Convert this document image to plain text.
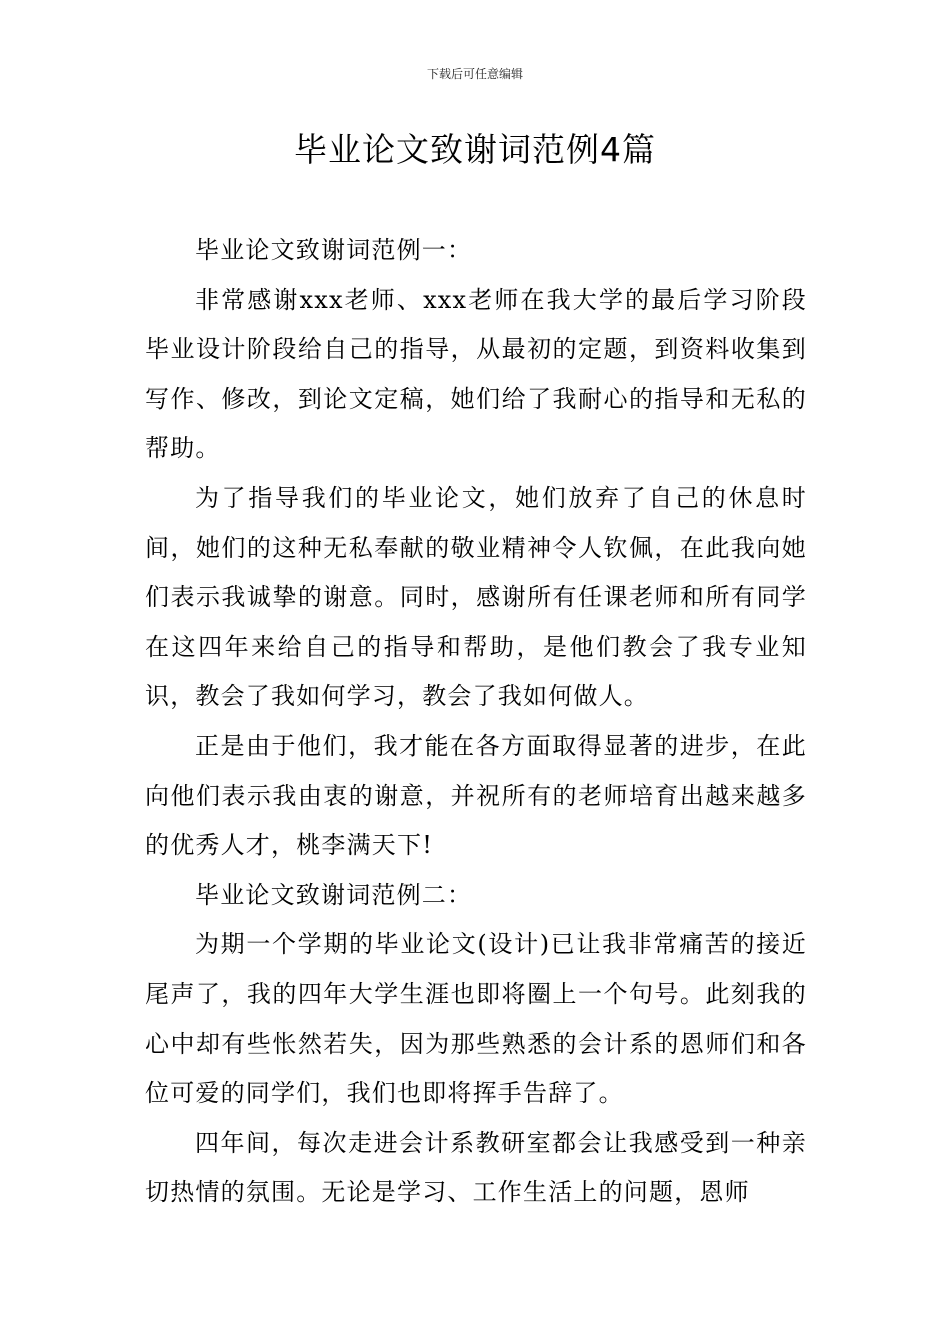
下载后可任意编辑
毕业论文致谢词范例4篇

毕业论文致谢词范例一：

非常感谢xxx老师、xxx老师在我大学的最后学习阶段毕业设计阶段给自己的指导，从最初的定题，到资料收集到写作、修改，到论文定稿，她们给了我耐心的指导和无私的帮助。

为了指导我们的毕业论文，她们放弃了自己的休息时间，她们的这种无私奉献的敬业精神令人钦佩，在此我向她们表示我诚挚的谢意。同时，感谢所有任课老师和所有同学在这四年来给自己的指导和帮助，是他们教会了我专业知识，教会了我如何学习，教会了我如何做人。

正是由于他们，我才能在各方面取得显著的进步，在此向他们表示我由衷的谢意，并祝所有的老师培育出越来越多的优秀人才，桃李满天下!

毕业论文致谢词范例二：

为期一个学期的毕业论文(设计)已让我非常痛苦的接近尾声了，我的四年大学生涯也即将圈上一个句号。此刻我的心中却有些怅然若失，因为那些熟悉的会计系的恩师们和各位可爱的同学们，我们也即将挥手告辞了。

四年间，每次走进会计系教研室都会让我感受到一种亲切热情的氛围。无论是学习、工作生活上的问题，恩师
